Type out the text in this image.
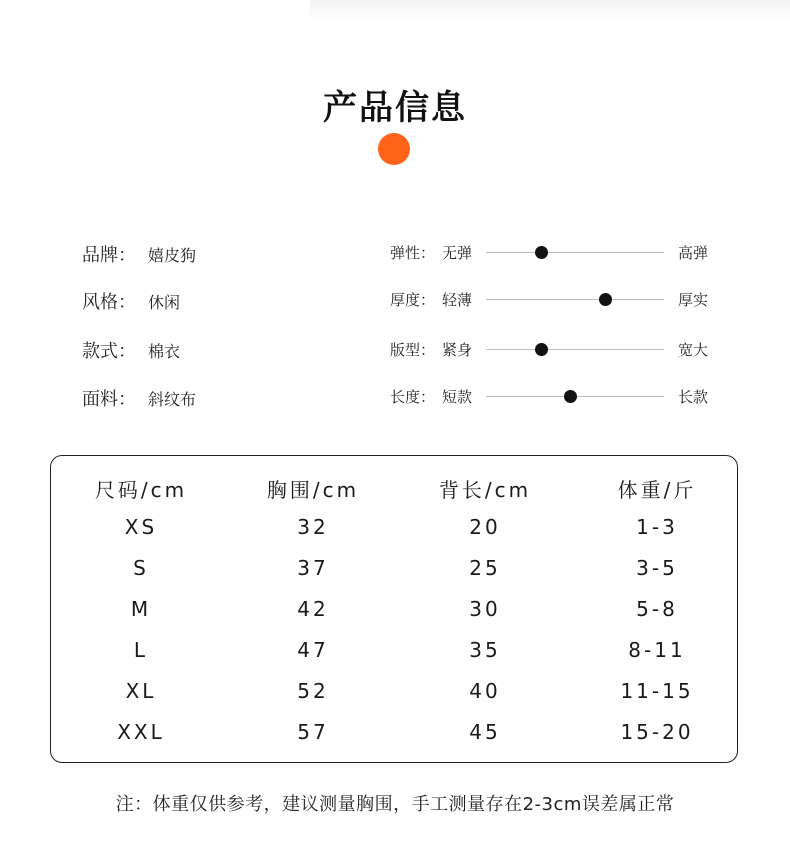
产品信息
品牌： 嬉皮狗
风格： 休闲
款式： 棉衣
面料： 斜纹布
弹性： 无弹	高弹
厚度： 轻薄	厚实
版型： 紧身	宽大
长度： 短款	长款
尺码/cm	胸围/cm	背长/cm	体重/斤
XS	32	20	1-3
S	37	25	3-5
M	42	30	5-8
L	47	35	8-11
XL	52	40	11-15
XXL	57	45	15-20
注：体重仅供参考，建议测量胸围，手工测量存在2-3cm误差属正常
